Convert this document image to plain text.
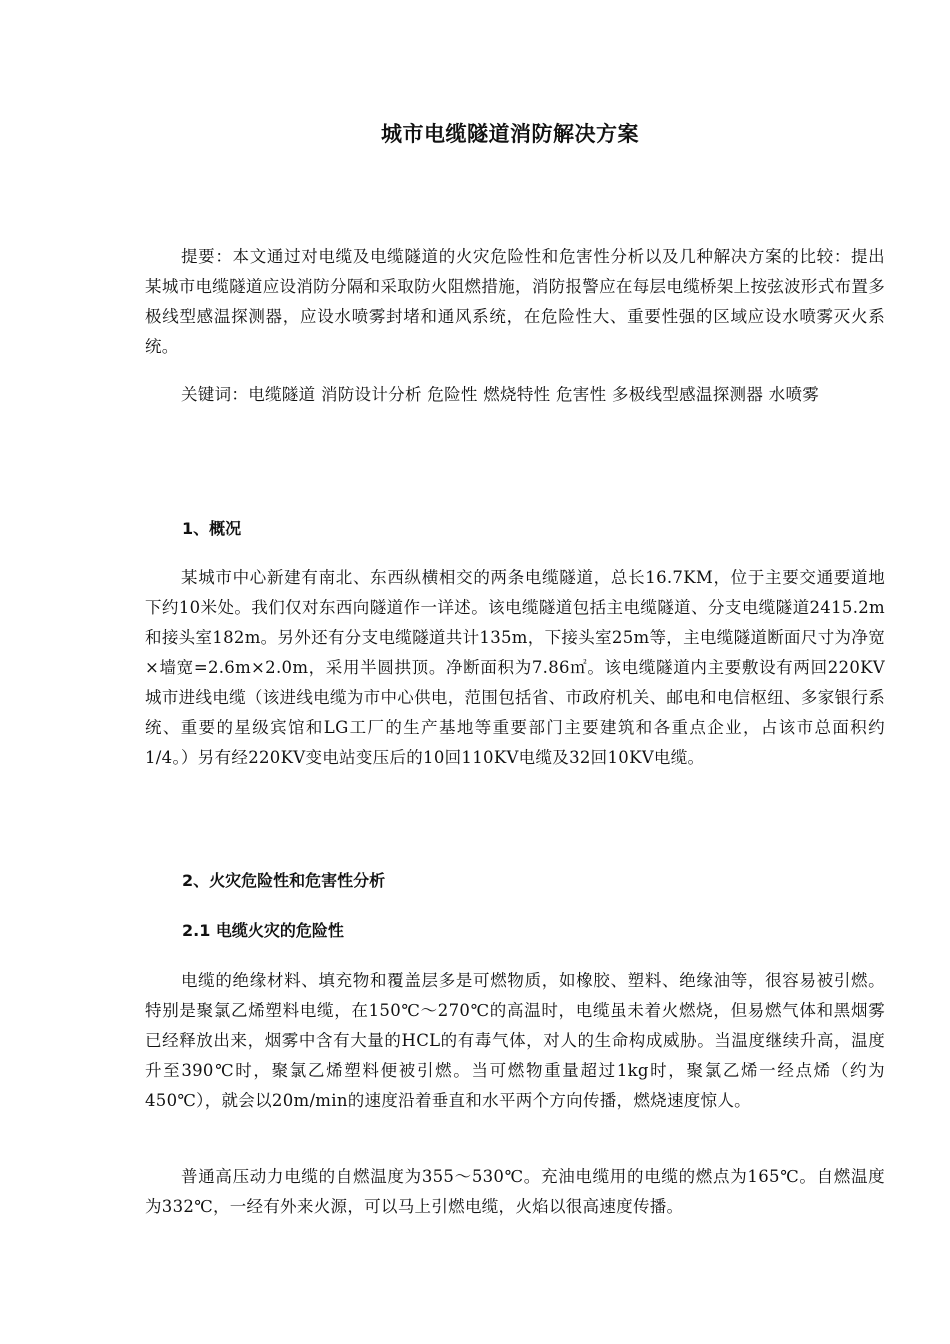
城市电缆隧道消防解决方案
提要：本文通过对电缆及电缆隧道的火灾危险性和危害性分析以及几种解决方案的比较：提出某城市电缆隧道应设消防分隔和采取防火阻燃措施，消防报警应在每层电缆桥架上按弦波形式布置多极线型感温探测器，应设水喷雾封堵和通风系统，在危险性大、重要性强的区域应设水喷雾灭火系统。
关键词：电缆隧道 消防设计分析 危险性 燃烧特性 危害性 多极线型感温探测器 水喷雾
1、概况
某城市中心新建有南北、东西纵横相交的两条电缆隧道，总长16.7KM，位于主要交通要道地下约10米处。我们仅对东西向隧道作一详述。该电缆隧道包括主电缆隧道、分支电缆隧道2415.2m和接头室182m。另外还有分支电缆隧道共计135m，下接头室25m等，主电缆隧道断面尺寸为净宽×墙宽=2.6m×2.0m，采用半圆拱顶。净断面积为7.86㎡。该电缆隧道内主要敷设有两回220KV城市进线电缆（该进线电缆为市中心供电，范围包括省、市政府机关、邮电和电信枢纽、多家银行系统、重要的星级宾馆和LG工厂的生产基地等重要部门主要建筑和各重点企业，占该市总面积约1/4。）另有经220KV变电站变压后的10回110KV电缆及32回10KV电缆。
2、火灾危险性和危害性分析
2.1 电缆火灾的危险性
电缆的绝缘材料、填充物和覆盖层多是可燃物质，如橡胶、塑料、绝缘油等，很容易被引燃。特别是聚氯乙烯塑料电缆，在150℃～270℃的高温时，电缆虽未着火燃烧，但易燃气体和黑烟雾已经释放出来，烟雾中含有大量的HCL的有毒气体，对人的生命构成威胁。当温度继续升高，温度升至390℃时，聚氯乙烯塑料便被引燃。当可燃物重量超过1kg时，聚氯乙烯一经点烯（约为450℃），就会以20m/min的速度沿着垂直和水平两个方向传播，燃烧速度惊人。
普通高压动力电缆的自燃温度为355～530℃。充油电缆用的电缆的燃点为165℃。自燃温度为332℃，一经有外来火源，可以马上引燃电缆，火焰以很高速度传播。
